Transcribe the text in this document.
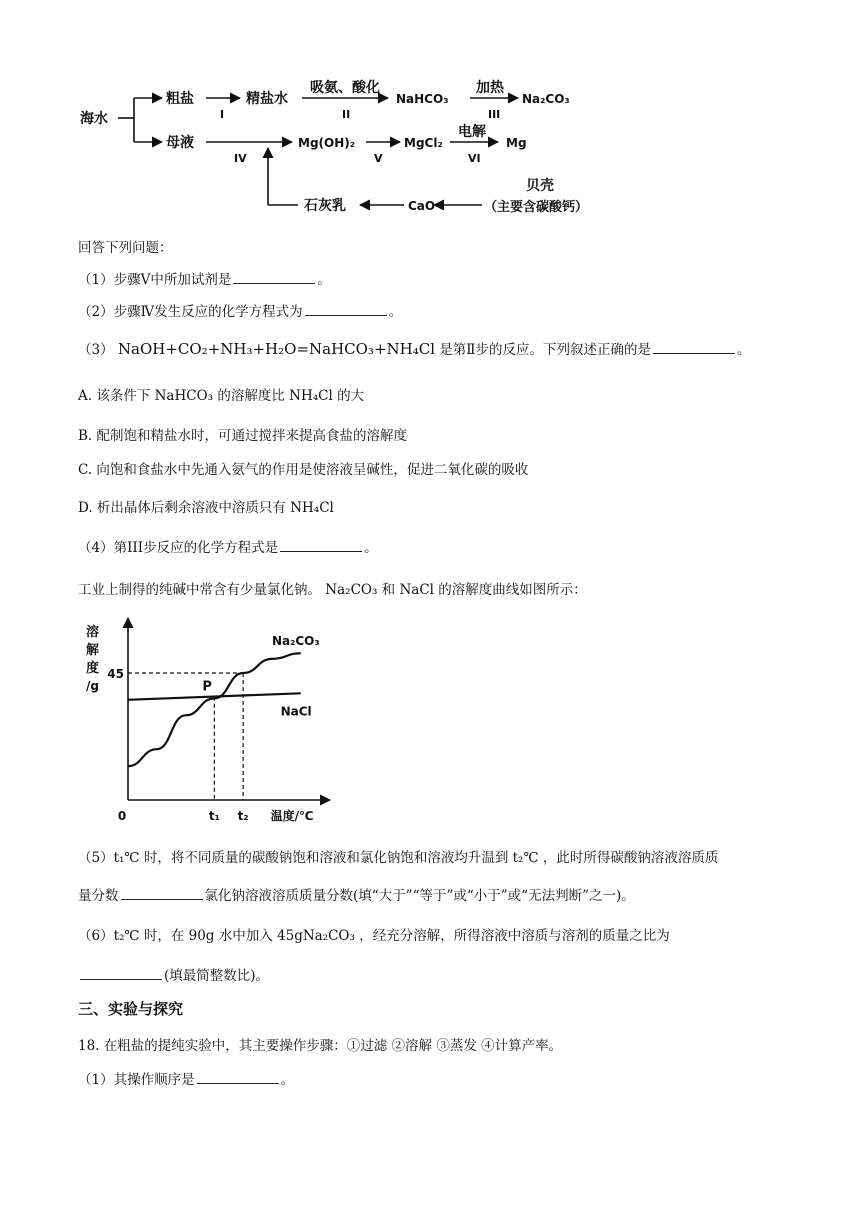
海水
粗盐
I
精盐水
吸氨、酸化
II
NaHCO₃
加热
III
Na₂CO₃
母液
IV
Mg(OH)₂
V
MgCl₂
电解
VI
Mg
石灰乳	CaO
贝壳
（主要含碳酸钙）
回答下列问题：
（1）步骤Ⅴ中所加试剂是	。
（2）步骤Ⅳ发生反应的化学方程式为	。
（3） NaOH+CO₂+NH₃+H₂O=NaHCO₃+NH₄Cl 是第Ⅱ步的反应。下列叙述正确的是	。
A. 该条件下 NaHCO₃ 的溶解度比 NH₄Cl 的大
B. 配制饱和精盐水时，可通过搅拌来提高食盐的溶解度
C. 向饱和食盐水中先通入氨气的作用是使溶液呈碱性，促进二氧化碳的吸收
D. 析出晶体后剩余溶液中溶质只有 NH₄Cl
（4）第III步反应的化学方程式是	。
工业上制得的纯碱中常含有少量氯化钠。 Na₂CO₃ 和 NaCl 的溶解度曲线如图所示：
溶
解
度
/g
0	温度/℃
Na₂CO₃
NaCl
45
t₁ t₂
P
（5）t₁℃ 时，将不同质量的碳酸钠饱和溶液和氯化钠饱和溶液均升温到 t₂℃ ，此时所得碳酸钠溶液溶质质
量分数	氯化钠溶液溶质质量分数(填“大于”“等于”或“小于”或“无法判断”之一)。
（6）t₂℃ 时，在 90g 水中加入 45gNa₂CO₃ ，经充分溶解，所得溶液中溶质与溶剂的质量之比为
(填最简整数比)。
三、实验与探究
18. 在粗盐的提纯实验中，其主要操作步骤：①过滤 ②溶解 ③蒸发 ④计算产率。
（1）其操作顺序是	。
